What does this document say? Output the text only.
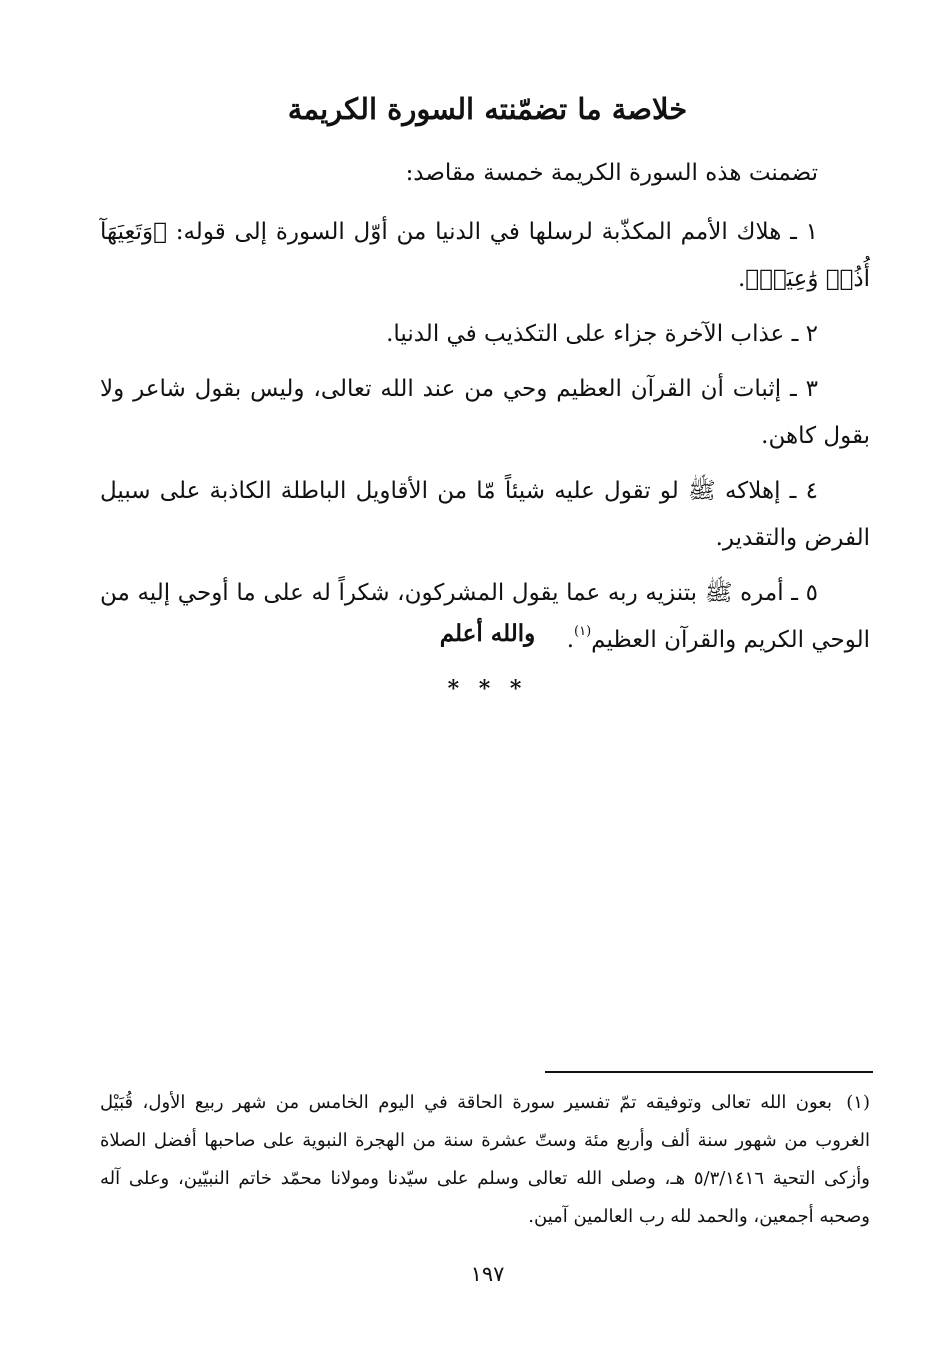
خلاصة ما تضمّنته السورة الكريمة

تضمنت هذه السورة الكريمة خمسة مقاصد:

١ ـ هلاك الأمم المكذّبة لرسلها في الدنيا من أوّل السورة إلى قوله: ﴿وَتَعِيَهَآ أُذُنٞ وَٰعِيَةٞ﴾.

٢ ـ عذاب الآخرة جزاء على التكذيب في الدنيا.

٣ ـ إثبات أن القرآن العظيم وحي من عند الله تعالى، وليس بقول شاعر ولا بقول كاهن.

٤ ـ إهلاكه ﷺ لو تقول عليه شيئاً مّا من الأقاويل الباطلة الكاذبة على سبيل الفرض والتقدير.

٥ ـ أمره ﷺ بتنزيه ربه عما يقول المشركون، شكراً له على ما أوحي إليه من الوحي الكريم والقرآن العظيم$^{(١)}$.

والله أعلم
* * *
(١)بعون الله تعالى وتوفيقه تمّ تفسير سورة الحاقة في اليوم الخامس من شهر ربيع الأول، قُبَيْل الغروب من شهور سنة ألف وأربع مئة وستّ عشرة سنة من الهجرة النبوية على صاحبها أفضل الصلاة وأزكى التحية ٥/٣/١٤١٦ هـ، وصلى الله تعالى وسلم على سيّدنا ومولانا محمّد خاتم النبيّين، وعلى آله وصحبه أجمعين، والحمد لله رب العالمين آمين.
١٩٧
